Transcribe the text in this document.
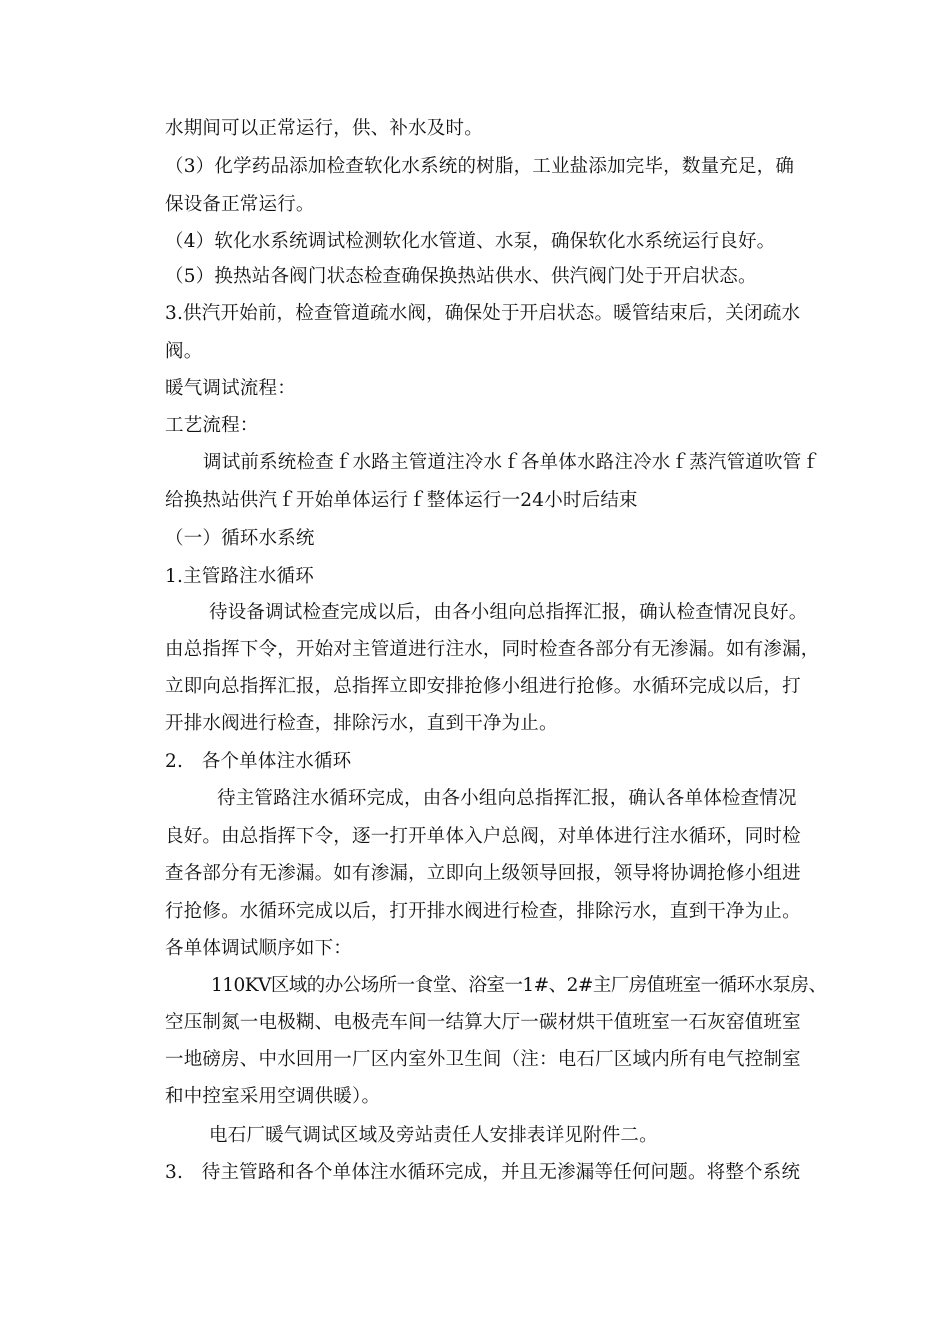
水期间可以正常运行，供、补水及时。
（3）化学药品添加检查软化水系统的树脂，工业盐添加完毕，数量充足，确
保设备正常运行。
（4）软化水系统调试检测软化水管道、水泵，确保软化水系统运行良好。
（5）换热站各阀门状态检查确保换热站供水、供汽阀门处于开启状态。
3.供汽开始前，检查管道疏水阀，确保处于开启状态。暖管结束后，关闭疏水
阀。
暖气调试流程：
工艺流程：
调试前系统检查ｆ水路主管道注冷水ｆ各单体水路注冷水ｆ蒸汽管道吹管ｆ
给换热站供汽ｆ开始单体运行ｆ整体运行一24小时后结束
（一）循环水系统
1.主管路注水循环
待设备调试检查完成以后，由各小组向总指挥汇报，确认检查情况良好。
由总指挥下令，开始对主管道进行注水，同时检查各部分有无渗漏。如有渗漏，
立即向总指挥汇报，总指挥立即安排抢修小组进行抢修。水循环完成以后，打
开排水阀进行检查，排除污水，直到干净为止。
2.　各个单体注水循环
待主管路注水循环完成，由各小组向总指挥汇报，确认各单体检查情况
良好。由总指挥下令，逐一打开单体入户总阀，对单体进行注水循环，同时检
查各部分有无渗漏。如有渗漏，立即向上级领导回报，领导将协调抢修小组进
行抢修。水循环完成以后，打开排水阀进行检查，排除污水，直到干净为止。
各单体调试顺序如下：
110KV区域的办公场所一食堂、浴室一1#、2#主厂房值班室一循环水泵房、
空压制氮一电极糊、电极壳车间一结算大厅一碳材烘干值班室一石灰窑值班室
一地磅房、中水回用一厂区内室外卫生间（注：电石厂区域内所有电气控制室
和中控室采用空调供暖）。
电石厂暖气调试区域及旁站责任人安排表详见附件二。
3.　待主管路和各个单体注水循环完成，并且无渗漏等任何问题。将整个系统
